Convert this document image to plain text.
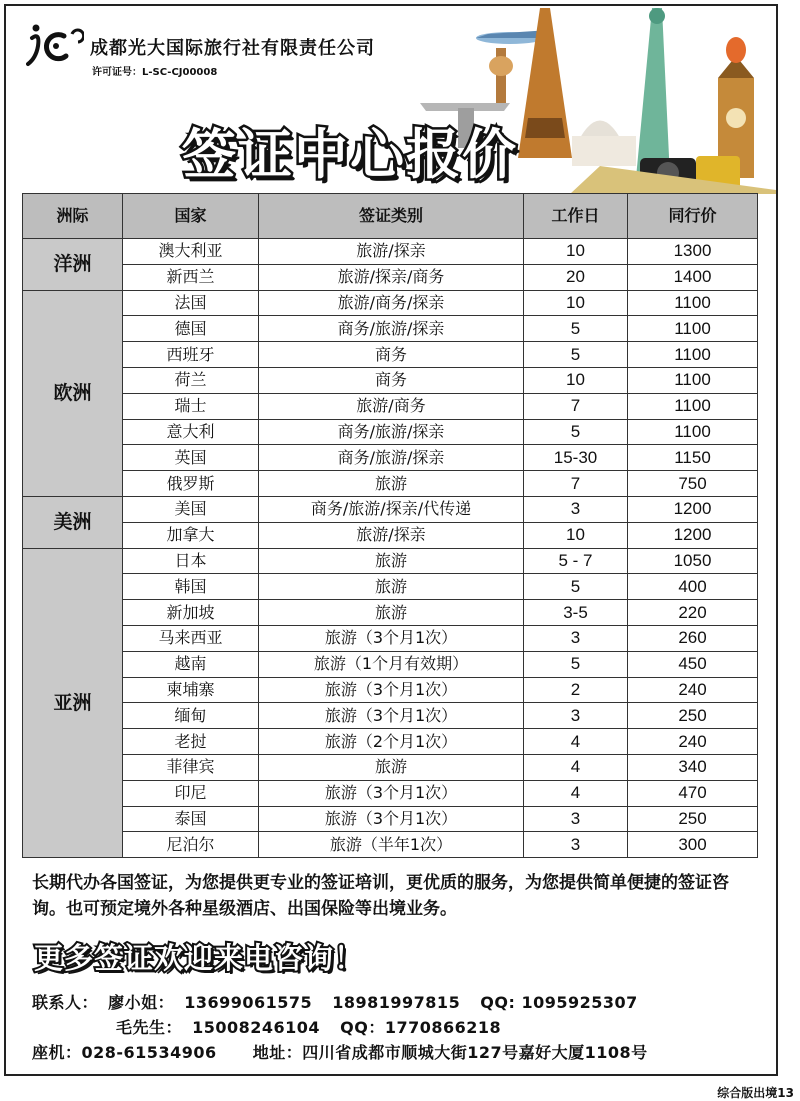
成都光大国际旅行社有限责任公司
许可证号：L-SC-CJ00008
签证中心报价
洲际	国家	签证类别	工作日	同行价
洋洲	澳大利亚	旅游/探亲	10	1300
	新西兰	旅游/探亲/商务	20	1400
欧洲	法国	旅游/商务/探亲	10	1100
	德国	商务/旅游/探亲	5	1100
	西班牙	商务	5	1100
	荷兰	商务	10	1100
	瑞士	旅游/商务	7	1100
	意大利	商务/旅游/探亲	5	1100
	英国	商务/旅游/探亲	15-30	1150
	俄罗斯	旅游	7	750
美洲	美国	商务/旅游/探亲/代传递	3	1200
	加拿大	旅游/探亲	10	1200
亚洲	日本	旅游	5 - 7	1050
	韩国	旅游	5	400
	新加坡	旅游	3-5	220
	马来西亚	旅游（3个月1次）	3	260
	越南	旅游（1个月有效期）	5	450
	柬埔寨	旅游（3个月1次）	2	240
	缅甸	旅游（3个月1次）	3	250
	老挝	旅游（2个月1次）	4	240
	菲律宾	旅游	4	340
	印尼	旅游（3个月1次）	4	470
	泰国	旅游（3个月1次）	3	250
	尼泊尔	旅游（半年1次）	3	300
长期代办各国签证，为您提供更专业的签证培训，更优质的服务，为您提供简单便捷的签证咨询。也可预定境外各种星级酒店、出国保险等出境业务。
更多签证欢迎来电咨询！
联系人： 廖小姐： 13699061575 18981997815 QQ: 1095925307
毛先生： 15008246104 QQ：1770866218
座机：028-61534906 地址：四川省成都市顺城大街127号嘉好大厦1108号
综合版出境13
